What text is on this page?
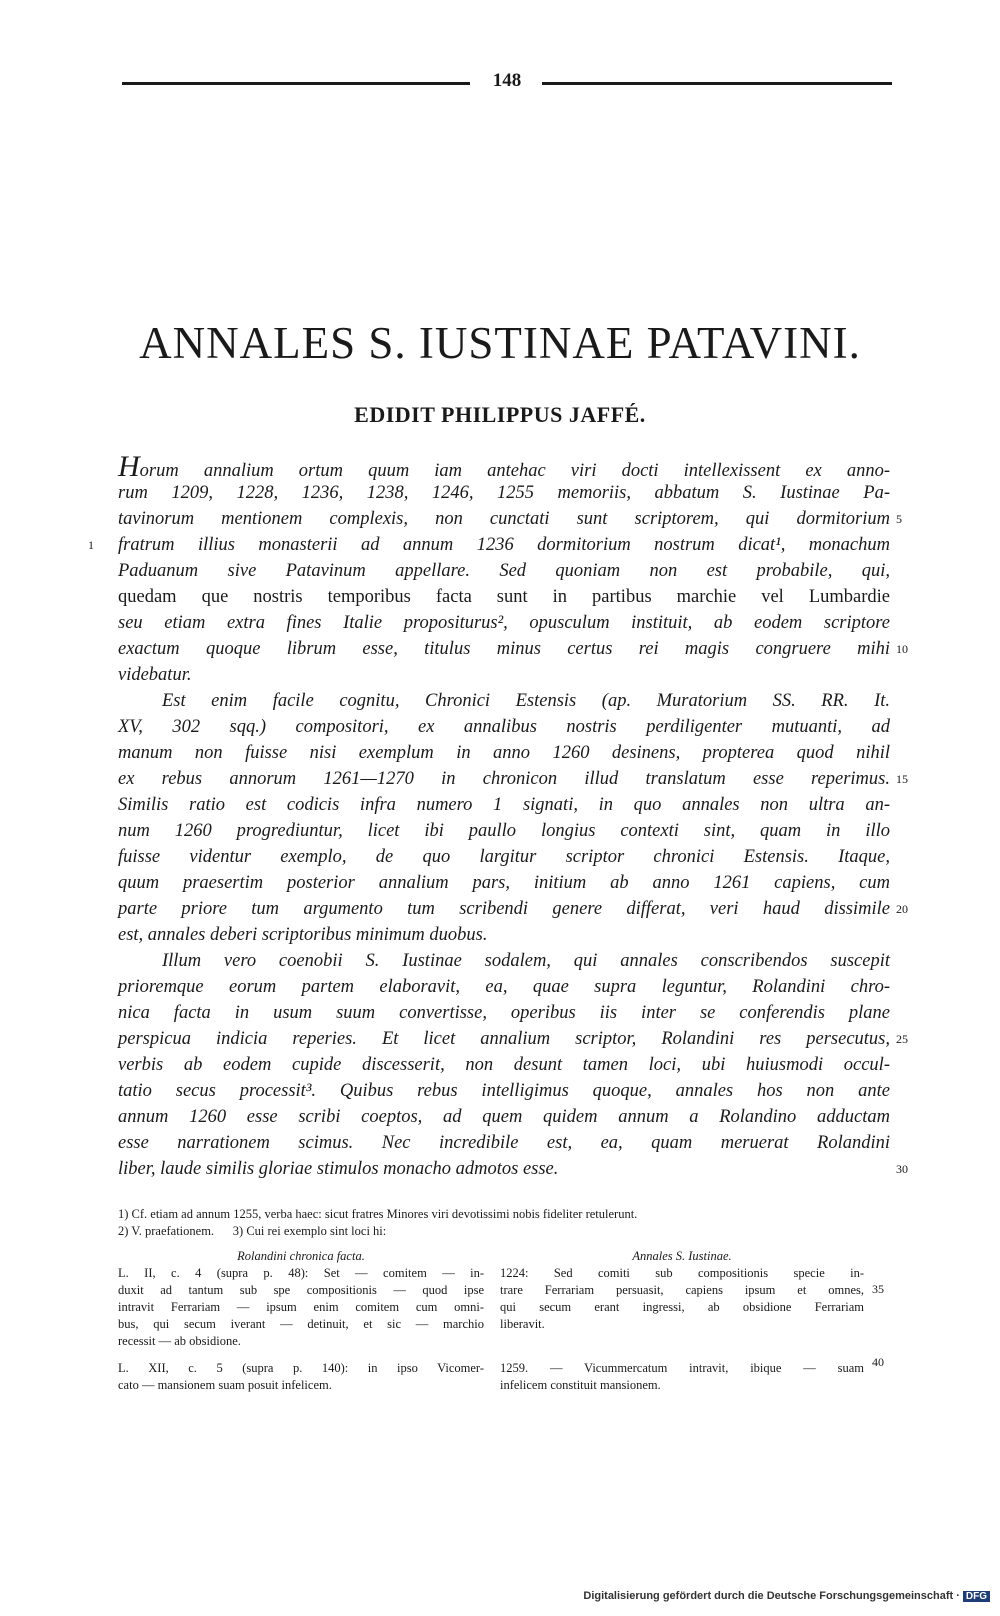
148
ANNALES S. IUSTINAE PATAVINI.
EDIDIT PHILIPPUS JAFFÉ.
Horum annalium ortum quum iam antehac viri docti intellexissent ex anno-
rum 1209, 1228, 1236, 1238, 1246, 1255 memoriis, abbatum S. Iustinae Pa-
tavinorum mentionem complexis, non cunctati sunt scriptorem, qui dormitorium 5
1 fratrum illius monasterii ad annum 1236 dormitorium nostrum dicat¹, monachum
Paduanum sive Patavinum appellare. Sed quoniam non est probabile, qui,
quedam que nostris temporibus facta sunt in partibus marchie vel Lumbardie
seu etiam extra fines Italie propositurus², opusculum instituit, ab eodem scriptore
exactum quoque librum esse, titulus minus certus rei magis congruere mihi 10
videbatur.
Est enim facile cognitu, Chronici Estensis (ap. Muratorium SS. RR. It.
XV, 302 sqq.) compositori, ex annalibus nostris perdiligenter mutuanti, ad
manum non fuisse nisi exemplum in anno 1260 desinens, propterea quod nihil
ex rebus annorum 1261—1270 in chronicon illud translatum esse reperimus. 15
Similis ratio est codicis infra numero 1 signati, in quo annales non ultra an-
num 1260 progrediuntur, licet ibi paullo longius contexti sint, quam in illo
fuisse videntur exemplo, de quo largitur scriptor chronici Estensis. Itaque,
quum praesertim posterior annalium pars, initium ab anno 1261 capiens, cum
parte priore tum argumento tum scribendi genere differat, veri haud dissimile 20
est, annales deberi scriptoribus minimum duobus.
Illum vero coenobii S. Iustinae sodalem, qui annales conscribendos suscepit
prioremque eorum partem elaboravit, ea, quae supra leguntur, Rolandini chro-
nica facta in usum suum convertisse, operibus iis inter se conferendis plane
perspicua indicia reperies. Et licet annalium scriptor, Rolandini res persecutus, 25
verbis ab eodem cupide discesserit, non desunt tamen loci, ubi huiusmodi occul-
tatio secus processit³. Quibus rebus intelligimus quoque, annales hos non ante
annum 1260 esse scribi coeptos, ad quem quidem annum a Rolandino adductam
esse narrationem scimus. Nec incredibile est, ea, quam meruerat Rolandini
liber, laude similis gloriae stimulos monacho admotos esse.	30
1) Cf. etiam ad annum 1255, verba haec: sicut fratres Minores viri devotissimi nobis fideliter retulerunt.
2) V. praefationem. 3) Cui rei exemplo sint loci hi:
Rolandini chronica facta.
L. II, c. 4 (supra p. 48): Set — comitem — in-
duxit ad tantum sub spe compositionis — quod ipse
intravit Ferrariam — ipsum enim comitem cum omni-
bus, qui secum iverant — detinuit, et sic — marchio
recessit — ab obsidione.
L. XII, c. 5 (supra p. 140): in ipso Vicomer-
cato — mansionem suam posuit infelicem.
Annales S. Iustinae.
1224: Sed comiti sub compositionis specie in-
trare Ferrariam persuasit, capiens ipsum et omnes,
qui secum erant ingressi, ab obsidione Ferrariam
liberavit.
1259. — Vicummercatum intravit, ibique — suam
infelicem constituit mansionem.
35
40
Digitalisierung gefördert durch die Deutsche Forschungsgemeinschaft · DFG
